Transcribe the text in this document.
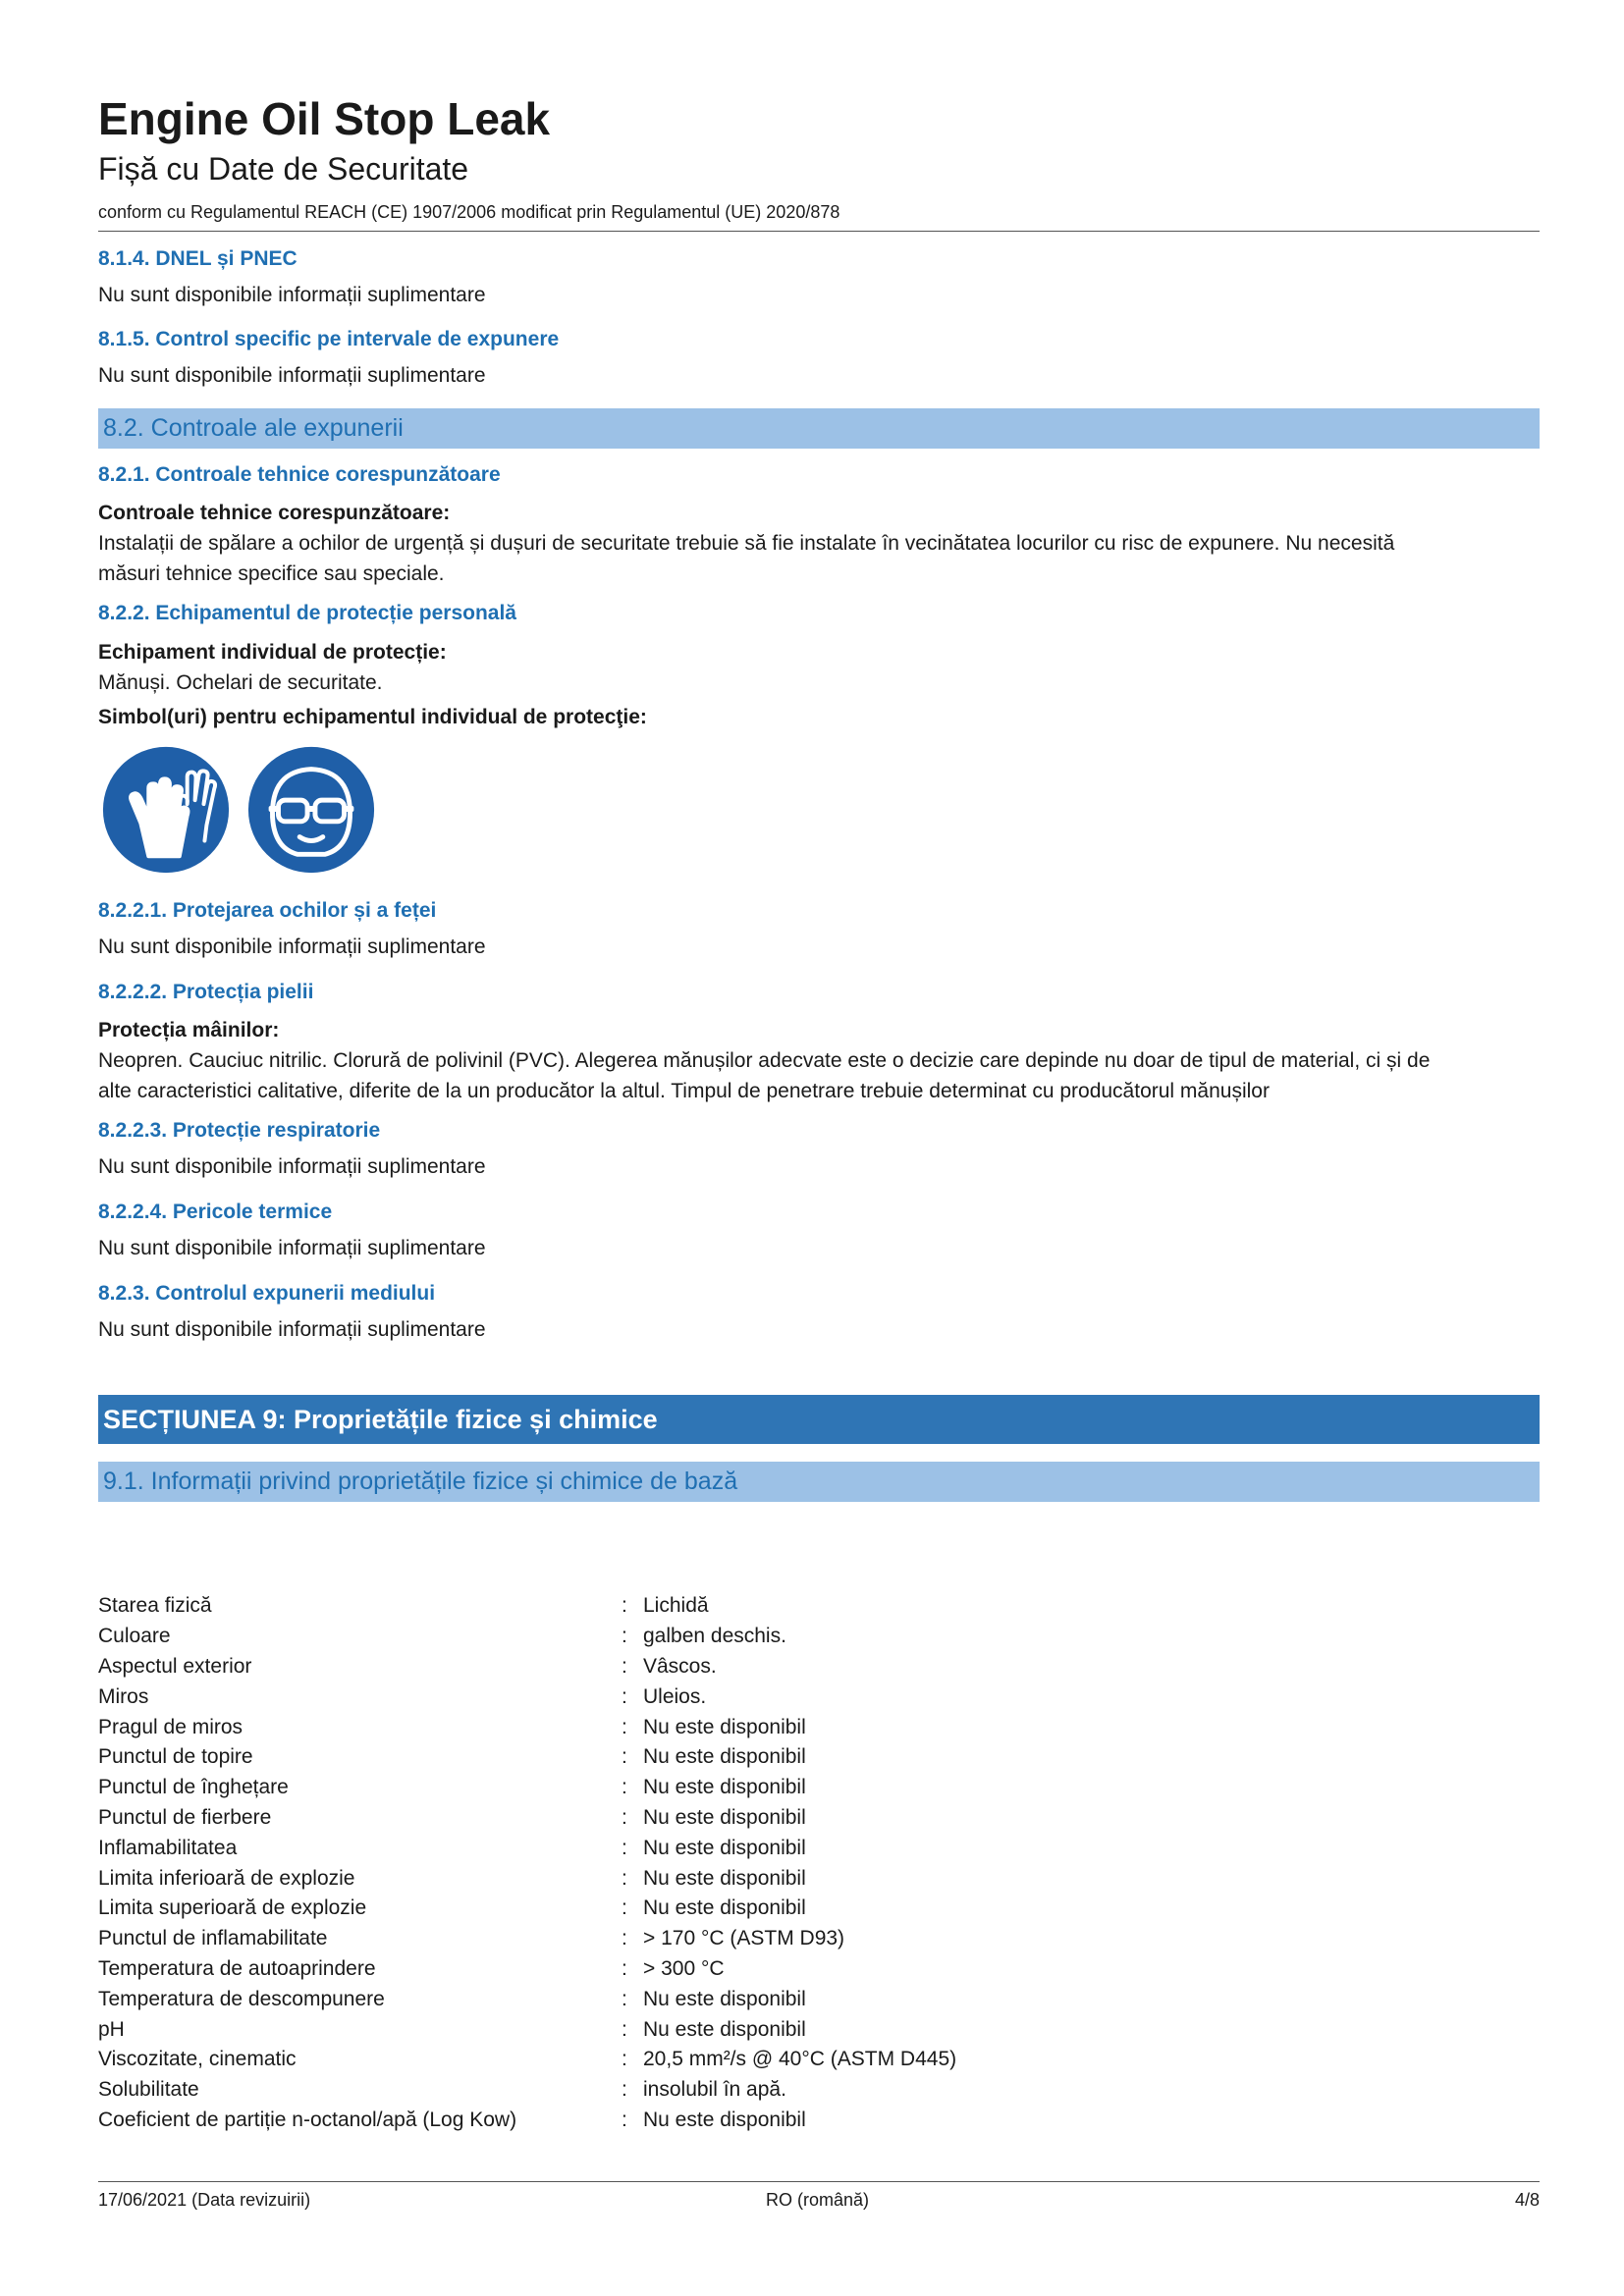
Engine Oil Stop Leak
Fișă cu Date de Securitate
conform cu Regulamentul REACH (CE) 1907/2006 modificat prin Regulamentul (UE) 2020/878

8.1.4. DNEL și PNEC

Nu sunt disponibile informații suplimentare

8.1.5. Control specific pe intervale de expunere

Nu sunt disponibile informații suplimentare

8.2. Controale ale expunerii

8.2.1. Controale tehnice corespunzătoare

Controale tehnice corespunzătoare:

Instalații de spălare a ochilor de urgență și dușuri de securitate trebuie să fie instalate în vecinătatea locurilor cu risc de expunere. Nu necesită

măsuri tehnice specifice sau speciale.

8.2.2. Echipamentul de protecție personală

Echipament individual de protecție:

Mănuși. Ochelari de securitate.

Simbol(uri) pentru echipamentul individual de protecţie:

8.2.2.1. Protejarea ochilor și a feței

Nu sunt disponibile informații suplimentare

8.2.2.2. Protecția pielii

Protecția mâinilor:

Neopren. Cauciuc nitrilic. Clorură de polivinil (PVC). Alegerea mănușilor adecvate este o decizie care depinde nu doar de tipul de material, ci și de

alte caracteristici calitative, diferite de la un producător la altul. Timpul de penetrare trebuie determinat cu producătorul mănușilor

8.2.2.3. Protecție respiratorie

Nu sunt disponibile informații suplimentare

8.2.2.4. Pericole termice

Nu sunt disponibile informații suplimentare

8.2.3. Controlul expunerii mediului

Nu sunt disponibile informații suplimentare

SECȚIUNEA 9: Proprietățile fizice și chimice
9.1. Informații privind proprietățile fizice și chimice de bază
Starea fizică	: Lichidă
Culoare	: galben deschis.
Aspectul exterior	: Vâscos.
Miros	: Uleios.
Pragul de miros	: Nu este disponibil
Punctul de topire	: Nu este disponibil
Punctul de înghețare	: Nu este disponibil
Punctul de fierbere	: Nu este disponibil
Inflamabilitatea	: Nu este disponibil
Limita inferioară de explozie	: Nu este disponibil
Limita superioară de explozie	: Nu este disponibil
Punctul de inflamabilitate	: > 170 °C (ASTM D93)
Temperatura de autoaprindere	: > 300 °C
Temperatura de descompunere	: Nu este disponibil
pH	: Nu este disponibil
Viscozitate, cinematic	: 20,5 mm²/s @ 40°C (ASTM D445)
Solubilitate	: insolubil în apă.
Coeficient de partiție n-octanol/apă (Log Kow)	: Nu este disponibil
17/06/2021 (Data revizuirii)	RO (română)	4/8
